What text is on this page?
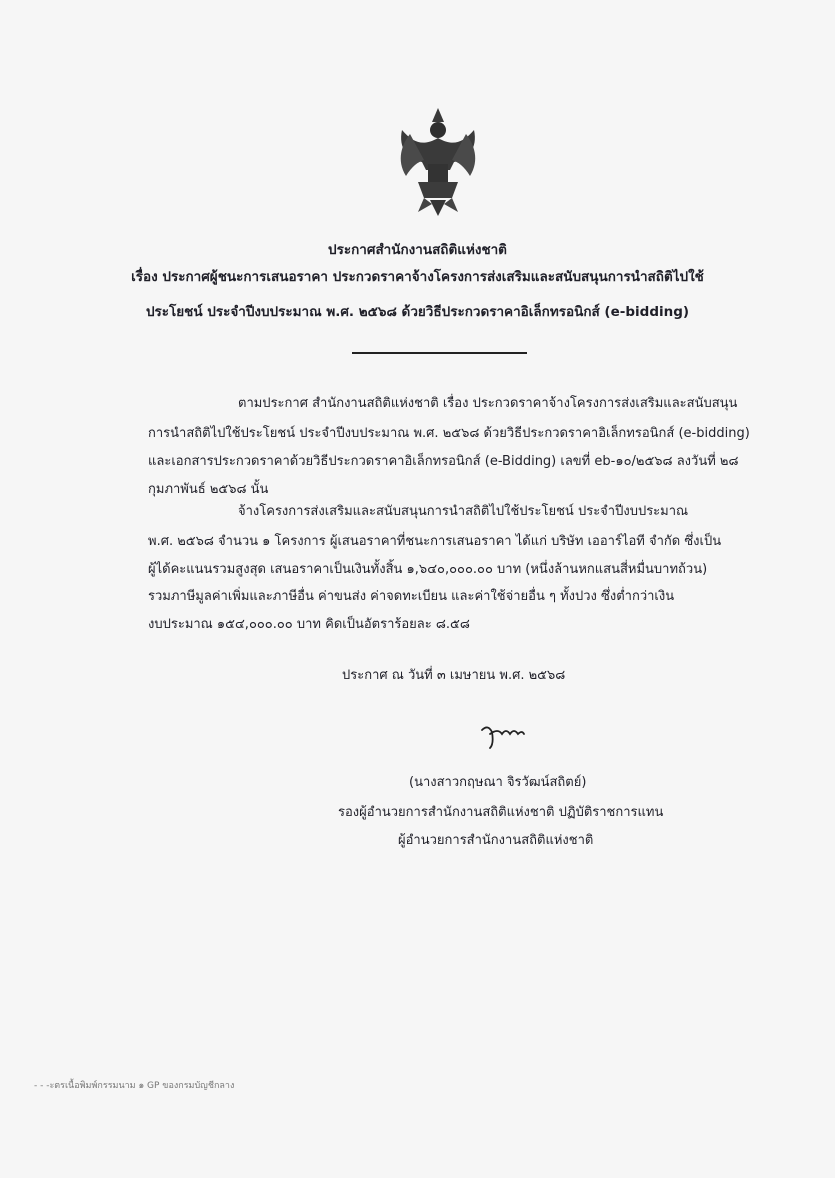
ประกาศสำนักงานสถิติแห่งชาติ
เรื่อง ประกาศผู้ชนะการเสนอราคา ประกวดราคาจ้างโครงการส่งเสริมและสนับสนุนการนำสถิติไปใช้
ประโยชน์ ประจำปีงบประมาณ พ.ศ. ๒๕๖๘ ด้วยวิธีประกวดราคาอิเล็กทรอนิกส์ (e-bidding)
ตามประกาศ สำนักงานสถิติแห่งชาติ เรื่อง ประกวดราคาจ้างโครงการส่งเสริมและสนับสนุน
การนำสถิติไปใช้ประโยชน์ ประจำปีงบประมาณ พ.ศ. ๒๕๖๘ ด้วยวิธีประกวดราคาอิเล็กทรอนิกส์ (e-bidding)
และเอกสารประกวดราคาด้วยวิธีประกวดราคาอิเล็กทรอนิกส์ (e-Bidding) เลขที่ eb-๑๐/๒๕๖๘ ลงวันที่ ๒๘
กุมภาพันธ์ ๒๕๖๘ นั้น
จ้างโครงการส่งเสริมและสนับสนุนการนำสถิติไปใช้ประโยชน์ ประจำปีงบประมาณ
พ.ศ. ๒๕๖๘ จำนวน ๑ โครงการ ผู้เสนอราคาที่ชนะการเสนอราคา ได้แก่ บริษัท เออาร์ไอที จำกัด ซึ่งเป็น
ผู้ได้คะแนนรวมสูงสุด เสนอราคาเป็นเงินทั้งสิ้น ๑,๖๔๐,๐๐๐.๐๐ บาท (หนึ่งล้านหกแสนสี่หมื่นบาทถ้วน)
รวมภาษีมูลค่าเพิ่มและภาษีอื่น ค่าขนส่ง ค่าจดทะเบียน และค่าใช้จ่ายอื่น ๆ ทั้งปวง ซึ่งต่ำกว่าเงิน
งบประมาณ ๑๕๔,๐๐๐.๐๐ บาท คิดเป็นอัตราร้อยละ ๘.๕๘
ประกาศ ณ วันที่ ๓ เมษายน พ.ศ. ๒๕๖๘
(นางสาวกฤษณา จิรวัฒน์สถิตย์)
รองผู้อำนวยการสำนักงานสถิติแห่งชาติ ปฏิบัติราชการแทน
ผู้อำนวยการสำนักงานสถิติแห่งชาติ
- - -ะตรเนื้อพิมพ์กรรมนาม ๑ GP ของกรมบัญชีกลาง
